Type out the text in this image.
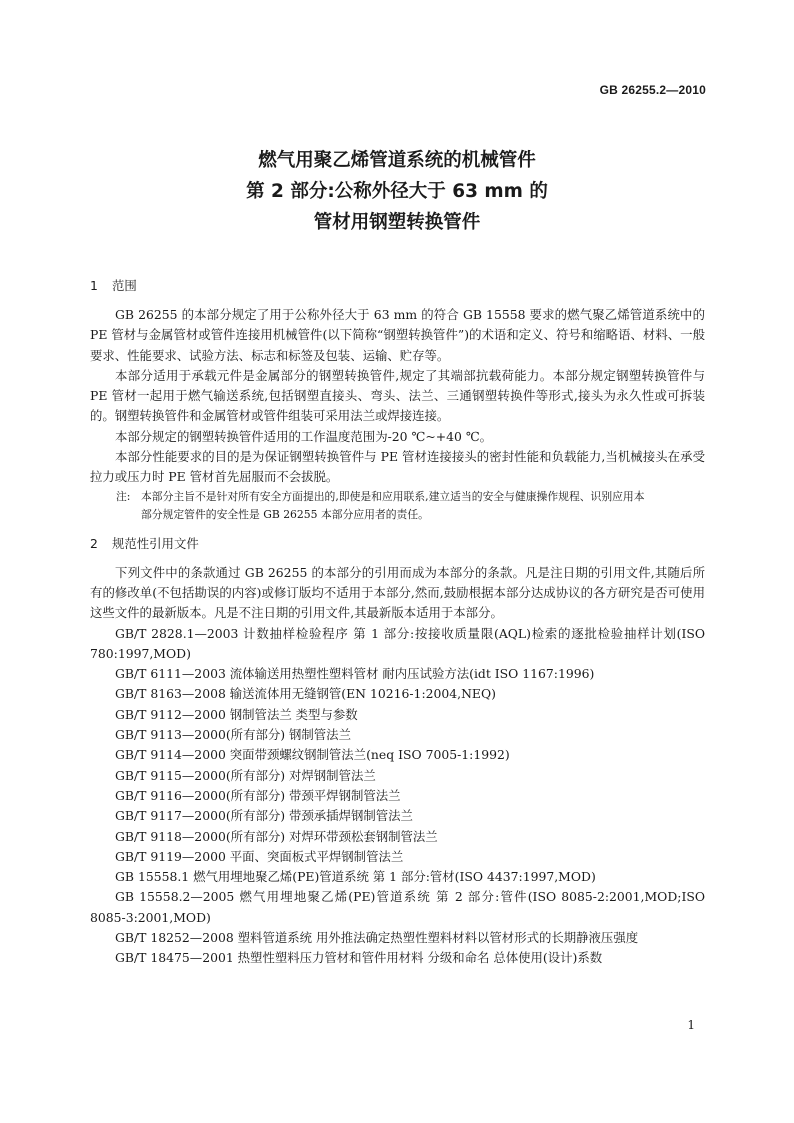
GB 26255.2—2010
燃气用聚乙烯管道系统的机械管件
第 2 部分:公称外径大于 63 mm 的
管材用钢塑转换管件
1 范围

GB 26255 的本部分规定了用于公称外径大于 63 mm 的符合 GB 15558 要求的燃气聚乙烯管道系统中的 PE 管材与金属管材或管件连接用机械管件(以下简称“钢塑转换管件”)的术语和定义、符号和缩略语、材料、一般要求、性能要求、试验方法、标志和标签及包装、运输、贮存等。

本部分适用于承载元件是金属部分的钢塑转换管件,规定了其端部抗载荷能力。本部分规定钢塑转换管件与 PE 管材一起用于燃气输送系统,包括钢塑直接头、弯头、法兰、三通钢塑转换件等形式,接头为永久性或可拆装的。钢塑转换管件和金属管材或管件组装可采用法兰或焊接连接。

本部分规定的钢塑转换管件适用的工作温度范围为-20 ℃~+40 ℃。

本部分性能要求的目的是为保证钢塑转换管件与 PE 管材连接接头的密封性能和负载能力,当机械接头在承受拉力或压力时 PE 管材首先屈服而不会拔脱。

注: 本部分主旨不是针对所有安全方面提出的,即使是和应用联系,建立适当的安全与健康操作规程、识别应用本
部分规定管件的安全性是 GB 26255 本部分应用者的责任。
2 规范性引用文件

下列文件中的条款通过 GB 26255 的本部分的引用而成为本部分的条款。凡是注日期的引用文件,其随后所有的修改单(不包括勘误的内容)或修订版均不适用于本部分,然而,鼓励根据本部分达成协议的各方研究是否可使用这些文件的最新版本。凡是不注日期的引用文件,其最新版本适用于本部分。

GB/T 2828.1—2003 计数抽样检验程序 第 1 部分:按接收质量限(AQL)检索的逐批检验抽样计划(ISO 780:1997,MOD)

GB/T 6111—2003 流体输送用热塑性塑料管材 耐内压试验方法(idt ISO 1167:1996)

GB/T 8163—2008 输送流体用无缝钢管(EN 10216-1:2004,NEQ)

GB/T 9112—2000 钢制管法兰 类型与参数

GB/T 9113—2000(所有部分) 钢制管法兰

GB/T 9114—2000 突面带颈螺纹钢制管法兰(neq ISO 7005-1:1992)

GB/T 9115—2000(所有部分) 对焊钢制管法兰

GB/T 9116—2000(所有部分) 带颈平焊钢制管法兰

GB/T 9117—2000(所有部分) 带颈承插焊钢制管法兰

GB/T 9118—2000(所有部分) 对焊环带颈松套钢制管法兰

GB/T 9119—2000 平面、突面板式平焊钢制管法兰

GB 15558.1 燃气用埋地聚乙烯(PE)管道系统 第 1 部分:管材(ISO 4437:1997,MOD)

GB 15558.2—2005 燃气用埋地聚乙烯(PE)管道系统 第 2 部分:管件(ISO 8085-2:2001,MOD;ISO 8085-3:2001,MOD)

GB/T 18252—2008 塑料管道系统 用外推法确定热塑性塑料材料以管材形式的长期静液压强度

GB/T 18475—2001 热塑性塑料压力管材和管件用材料 分级和命名 总体使用(设计)系数

1
